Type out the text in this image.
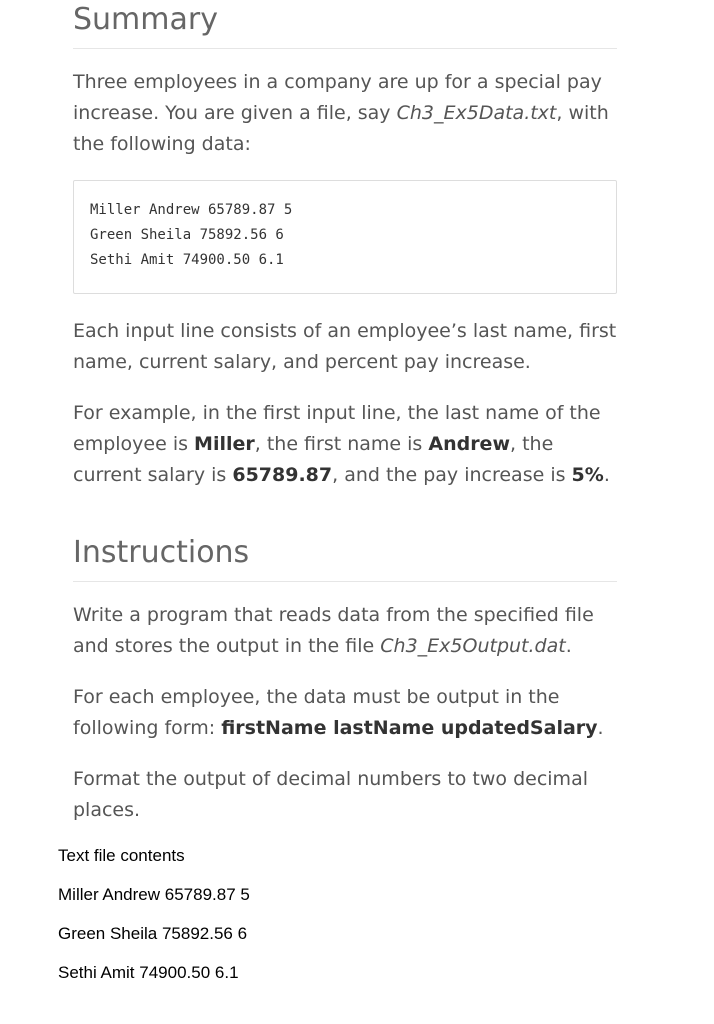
Summary

Three employees in a company are up for a special pay increase. You are given a file, say Ch3_Ex5Data.txt, with the following data:

Miller Andrew 65789.87 5
Green Sheila 75892.56 6
Sethi Amit 74900.50 6.1

Each input line consists of an employee’s last name, first name, current salary, and percent pay increase.

For example, in the first input line, the last name of the employee is Miller, the first name is Andrew, the current salary is 65789.87, and the pay increase is 5%.

Instructions

Write a program that reads data from the specified file and stores the output in the file Ch3_Ex5Output.dat.

For each employee, the data must be output in the following form: firstName lastName updatedSalary.

Format the output of decimal numbers to two decimal places.

Text file contents
Miller Andrew 65789.87 5
Green Sheila 75892.56 6
Sethi Amit 74900.50 6.1
